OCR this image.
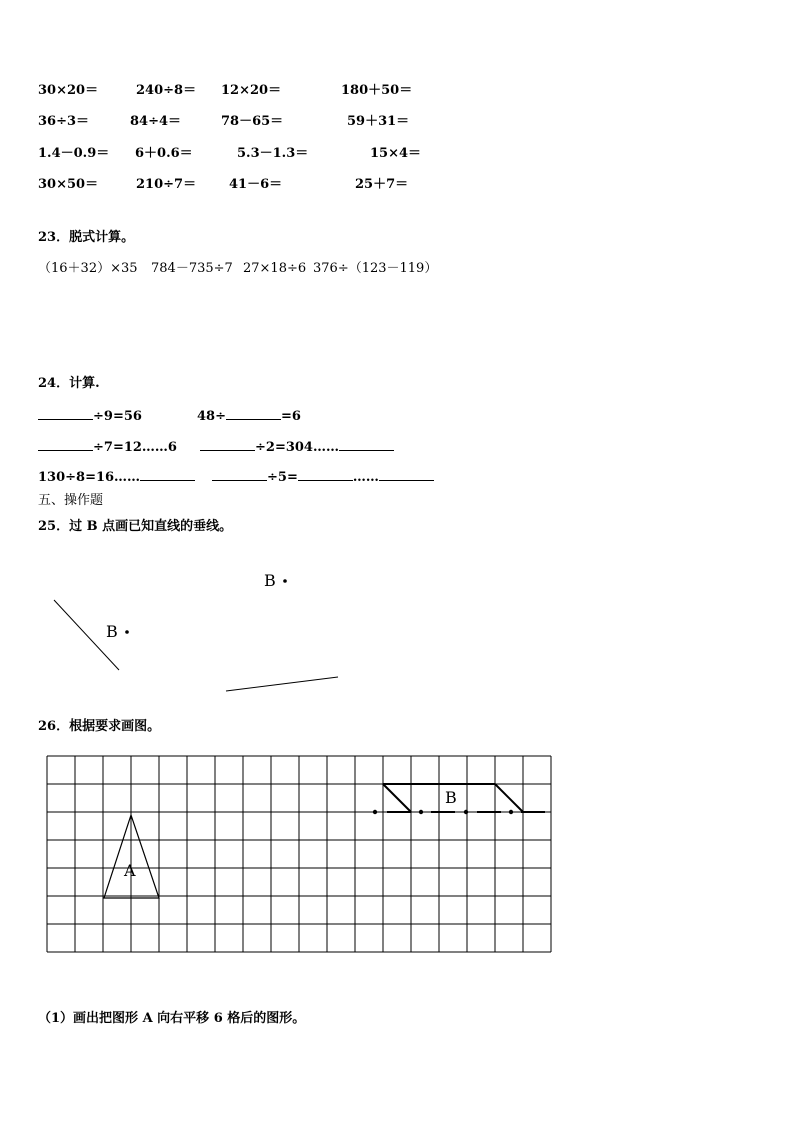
30×20＝	240÷8＝ 12×20＝	180＋50＝
36÷3＝	84÷4＝	78－65＝	59＋31＝
1.4－0.9＝ 6＋0.6＝	5.3－1.3＝	15×4＝
30×50＝	210÷7＝	41－6＝	25＋7＝
23．脱式计算。
（16＋32）×35 784－735÷7 27×18÷6 376÷（123－119）
24．计算.
÷9=56	48÷	=6
÷7=12……6	÷2=304……
130÷8=16……	÷5=	……
五、操作题
25．过 B 点画已知直线的垂线。
B
B
26．根据要求画图。
A
B
（1）画出把图形 A 向右平移 6 格后的图形。
